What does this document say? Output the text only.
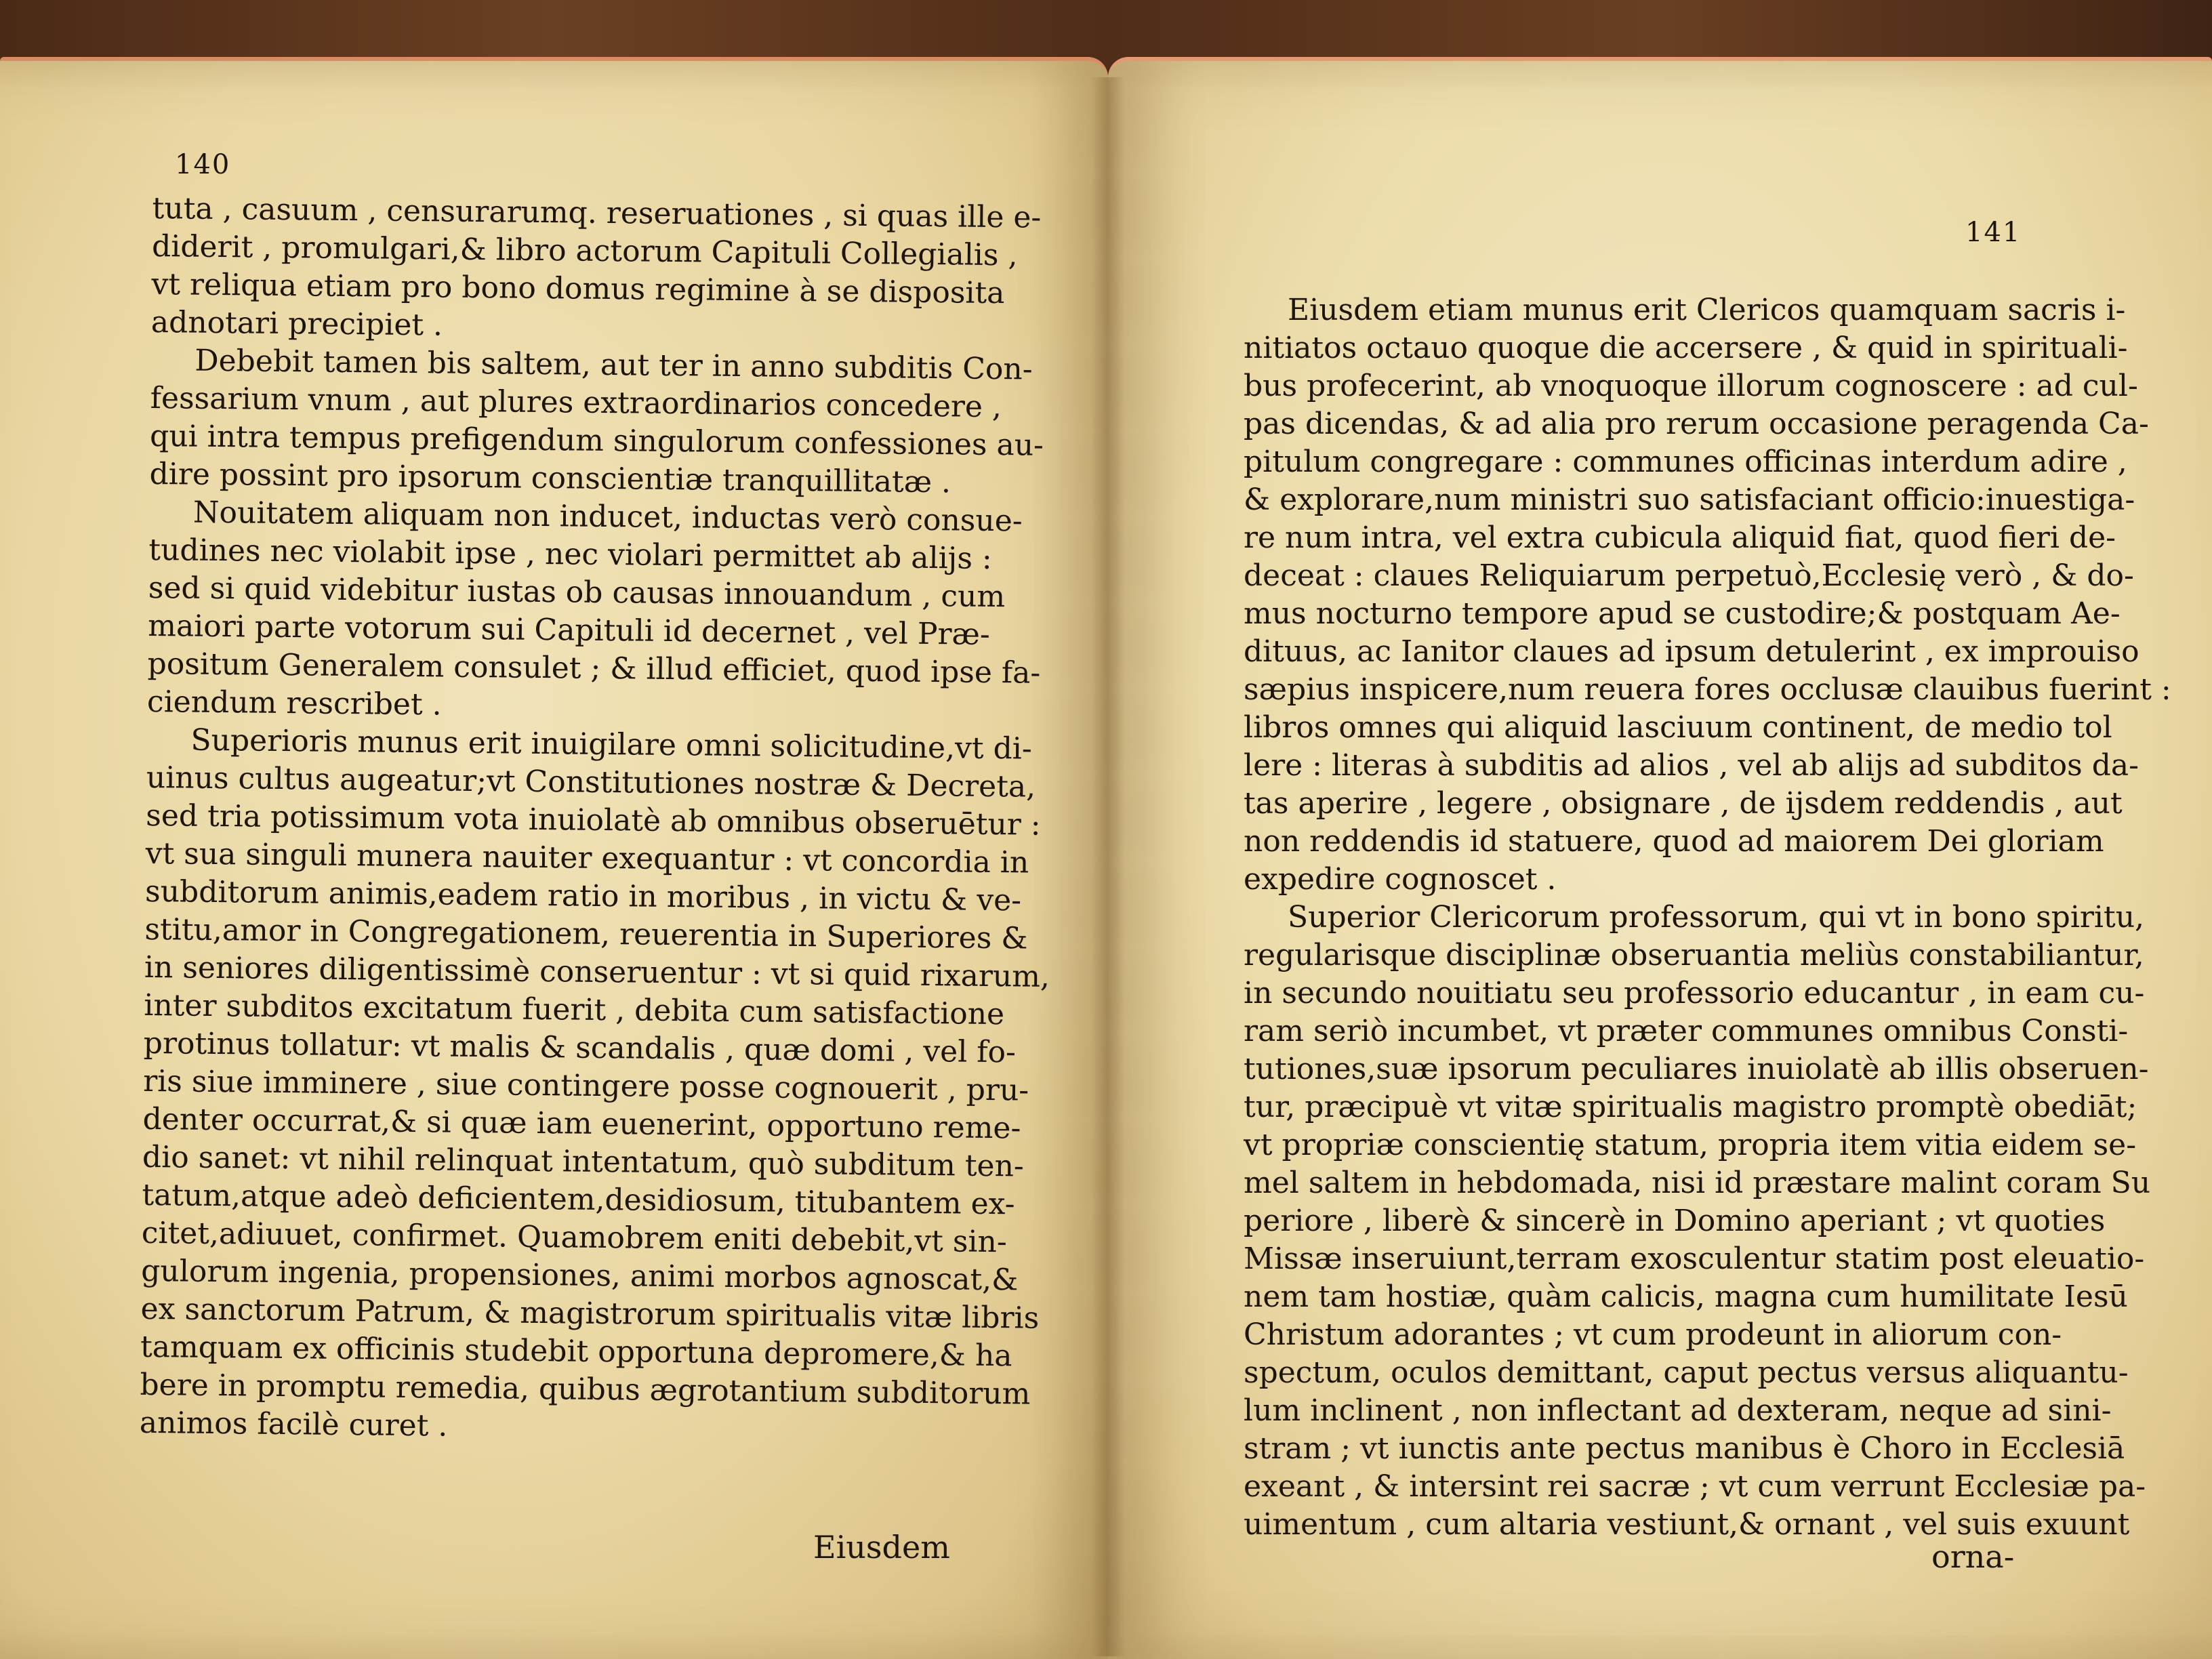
140
tuta , casuum , censurarumq. reseruationes , si quas ille e-
diderit , promulgari,& libro actorum Capituli Collegialis ,
vt reliqua etiam pro bono domus regimine à se disposita
adnotari precipiet .
Debebit tamen bis saltem, aut ter in anno subditis Con-
fessarium vnum , aut plures extraordinarios concedere ,
qui intra tempus prefigendum singulorum confessiones au-
dire possint pro ipsorum conscientiæ tranquillitatæ .
Nouitatem aliquam non inducet, inductas verò consue-
tudines nec violabit ipse , nec violari permittet ab alijs :
sed si quid videbitur iustas ob causas innouandum , cum
maiori parte votorum sui Capituli id decernet , vel Præ-
positum Generalem consulet ; & illud efficiet, quod ipse fa-
ciendum rescribet .
Superioris munus erit inuigilare omni solicitudine,vt di-
uinus cultus augeatur;vt Constitutiones nostræ & Decreta,
sed tria potissimum vota inuiolatè ab omnibus obseruētur :
vt sua singuli munera nauiter exequantur : vt concordia in
subditorum animis,eadem ratio in moribus , in victu & ve-
stitu,amor in Congregationem, reuerentia in Superiores &
in seniores diligentissimè conseruentur : vt si quid rixarum,
inter subditos excitatum fuerit , debita cum satisfactione
protinus tollatur: vt malis & scandalis , quæ domi , vel fo-
ris siue imminere , siue contingere posse cognouerit , pru-
denter occurrat,& si quæ iam euenerint, opportuno reme-
dio sanet: vt nihil relinquat intentatum, quò subditum ten-
tatum,atque adeò deficientem,desidiosum, titubantem ex-
citet,adiuuet, confirmet. Quamobrem eniti debebit,vt sin-
gulorum ingenia, propensiones, animi morbos agnoscat,&
ex sanctorum Patrum, & magistrorum spiritualis vitæ libris
tamquam ex officinis studebit opportuna depromere,& ha
bere in promptu remedia, quibus ægrotantium subditorum
animos facilè curet .
Eiusdem
141
Eiusdem etiam munus erit Clericos quamquam sacris i-
nitiatos octauo quoque die accersere , & quid in spirituali-
bus profecerint, ab vnoquoque illorum cognoscere : ad cul-
pas dicendas, & ad alia pro rerum occasione peragenda Ca-
pitulum congregare : communes officinas interdum adire ,
& explorare,num ministri suo satisfaciant officio:inuestiga-
re num intra, vel extra cubicula aliquid fiat, quod fieri de-
deceat : claues Reliquiarum perpetuò,Ecclesię verò , & do-
mus nocturno tempore apud se custodire;& postquam Ae-
dituus, ac Ianitor claues ad ipsum detulerint , ex improuiso
sæpius inspicere,num reuera fores occlusæ clauibus fuerint :
libros omnes qui aliquid lasciuum continent, de medio tol
lere : literas à subditis ad alios , vel ab alijs ad subditos da-
tas aperire , legere , obsignare , de ijsdem reddendis , aut
non reddendis id statuere, quod ad maiorem Dei gloriam
expedire cognoscet .
Superior Clericorum professorum, qui vt in bono spiritu,
regularisque disciplinæ obseruantia meliùs constabiliantur,
in secundo nouitiatu seu professorio educantur , in eam cu-
ram seriò incumbet, vt præter communes omnibus Consti-
tutiones,suæ ipsorum peculiares inuiolatè ab illis obseruen-
tur, præcipuè vt vitæ spiritualis magistro promptè obediāt;
vt propriæ conscientię statum, propria item vitia eidem se-
mel saltem in hebdomada, nisi id præstare malint coram Su
periore , liberè & sincerè in Domino aperiant ; vt quoties
Missæ inseruiunt,terram exosculentur statim post eleuatio-
nem tam hostiæ, quàm calicis, magna cum humilitate Iesū
Christum adorantes ; vt cum prodeunt in aliorum con-
spectum, oculos demittant, caput pectus versus aliquantu-
lum inclinent , non inflectant ad dexteram, neque ad sini-
stram ; vt iunctis ante pectus manibus è Choro in Ecclesiā
exeant , & intersint rei sacræ ; vt cum verrunt Ecclesiæ pa-
uimentum , cum altaria vestiunt,& ornant , vel suis exuunt
orna-
